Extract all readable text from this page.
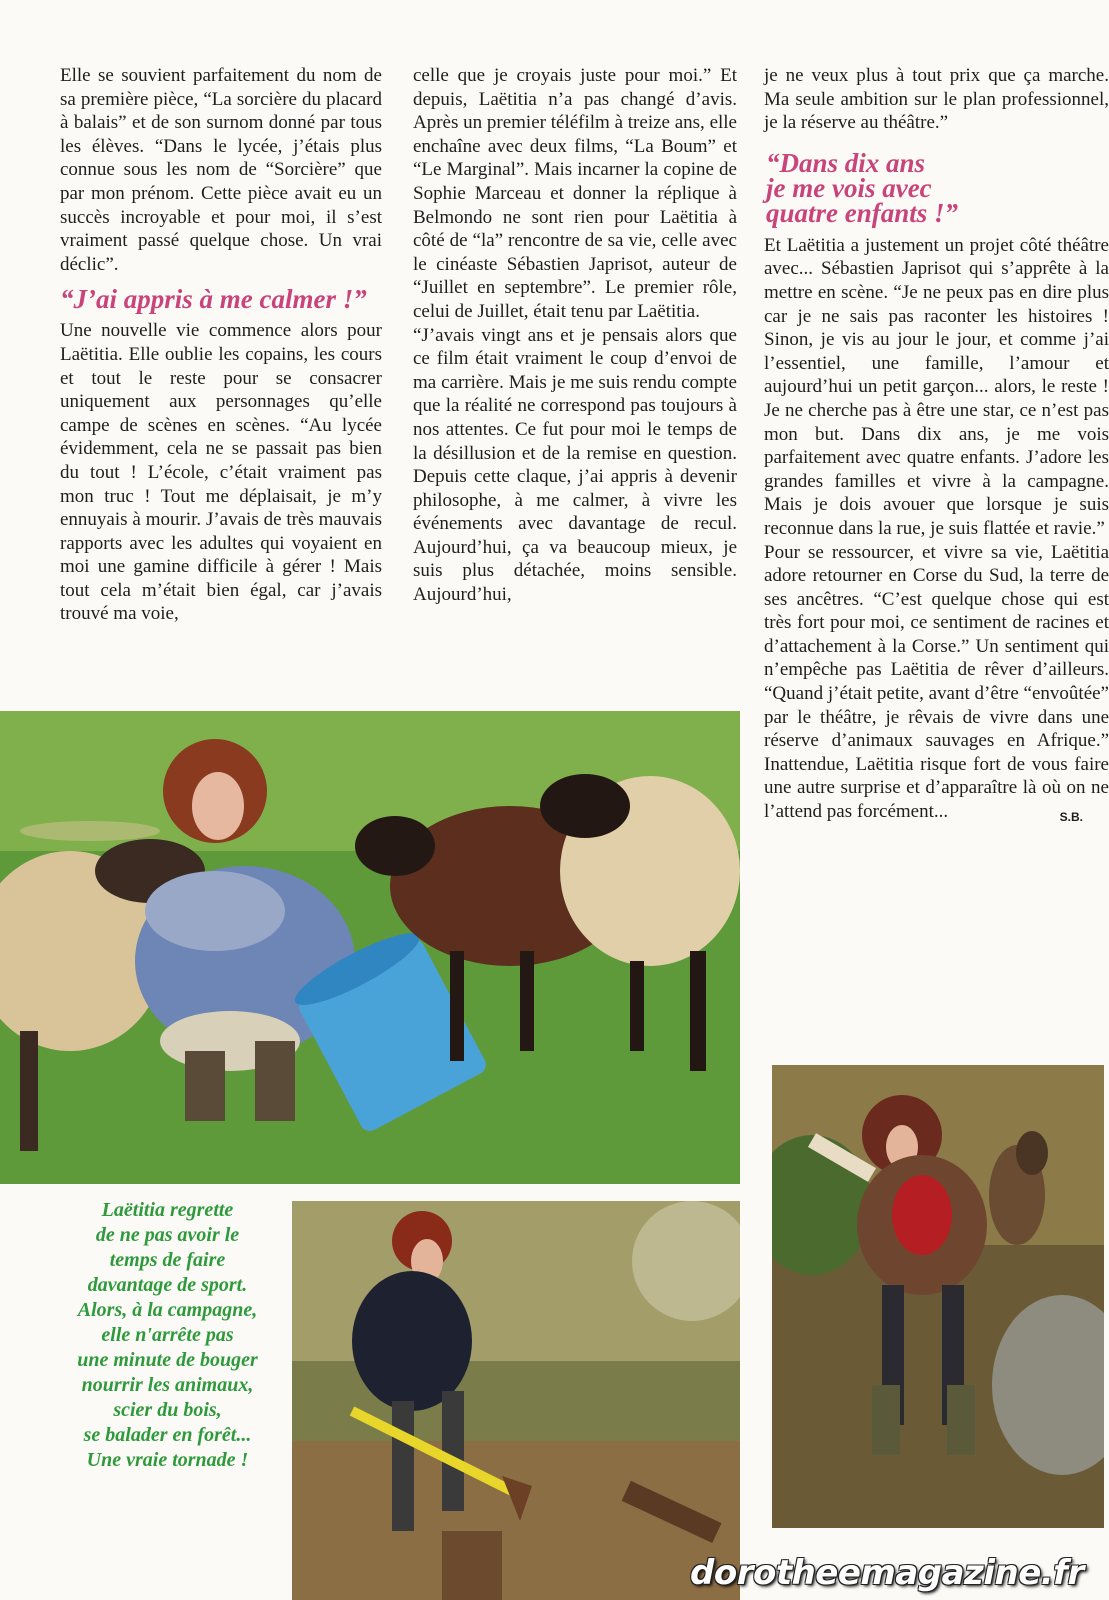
Elle se souvient parfaitement du nom de sa première pièce, “La sorcière du placard à balais” et de son surnom donné par tous les élèves. “Dans le lycée, j’étais plus connue sous les nom de “Sorcière” que par mon prénom. Cette pièce avait eu un succès incroyable et pour moi, il s’est vraiment passé quelque chose. Un vrai déclic”.

“J’ai appris à me calmer !”

Une nouvelle vie commence alors pour Laëtitia. Elle oublie les copains, les cours et tout le reste pour se consacrer uniquement aux personnages qu’elle campe de scènes en scènes. “Au lycée évidemment, cela ne se passait pas bien du tout ! L’école, c’était vraiment pas mon truc ! Tout me déplaisait, je m’y ennuyais à mourir. J’avais de très mauvais rapports avec les adultes qui voyaient en moi une gamine difficile à gérer ! Mais tout cela m’était bien égal, car j’avais trouvé ma voie,

celle que je croyais juste pour moi.” Et depuis, Laëtitia n’a pas changé d’avis. Après un premier téléfilm à treize ans, elle enchaîne avec deux films, “La Boum” et “Le Marginal”. Mais incarner la copine de Sophie Marceau et donner la réplique à Belmondo ne sont rien pour Laëtitia à côté de “la” rencontre de sa vie, celle avec le cinéaste Sébastien Japrisot, auteur de “Juillet en septembre”. Le premier rôle, celui de Juillet, était tenu par Laëtitia.

“J’avais vingt ans et je pensais alors que ce film était vraiment le coup d’envoi de ma carrière. Mais je me suis rendu compte que la réalité ne correspond pas toujours à nos attentes. Ce fut pour moi le temps de la désillusion et de la remise en question. Depuis cette claque, j’ai appris à devenir philosophe, à me calmer, à vivre les événements avec davantage de recul. Aujourd’hui, ça va beaucoup mieux, je suis plus détachée, moins sensible. Aujourd’hui,

je ne veux plus à tout prix que ça marche. Ma seule ambition sur le plan professionnel, je la réserve au théâtre.”

“Dans dix ans
je me vois avec
quatre enfants !”

Et Laëtitia a justement un projet côté théâtre avec... Sébastien Japrisot qui s’apprête à la mettre en scène. “Je ne peux pas en dire plus car je ne sais pas raconter les histoires ! Sinon, je vis au jour le jour, et comme j’ai l’essentiel, une famille, l’amour et aujourd’hui un petit garçon... alors, le reste ! Je ne cherche pas à être une star, ce n’est pas mon but. Dans dix ans, je me vois parfaitement avec quatre enfants. J’adore les grandes familles et vivre à la campagne. Mais je dois avouer que lorsque je suis reconnue dans la rue, je suis flattée et ravie.”

Pour se ressourcer, et vivre sa vie, Laëtitia adore retourner en Corse du Sud, la terre de ses ancêtres. “C’est quelque chose qui est très fort pour moi, ce sentiment de racines et d’attachement à la Corse.” Un sentiment qui n’empêche pas Laëtitia de rêver d’ailleurs. “Quand j’était petite, avant d’être “envoûtée” par le théâtre, je rêvais de vivre dans une réserve d’animaux sauvages en Afrique.” Inattendue, Laëtitia risque fort de vous faire une autre surprise et d’apparaître là où on ne l’attend pas forcément...	S.B.

Laëtitia regrette
de ne pas avoir le
temps de faire
davantage de sport.
Alors, à la campagne,
elle n'arrête pas
une minute de bouger
nourrir les animaux,
scier du bois,
se balader en forêt...
Une vraie tornade !
dorotheemagazine.fr
